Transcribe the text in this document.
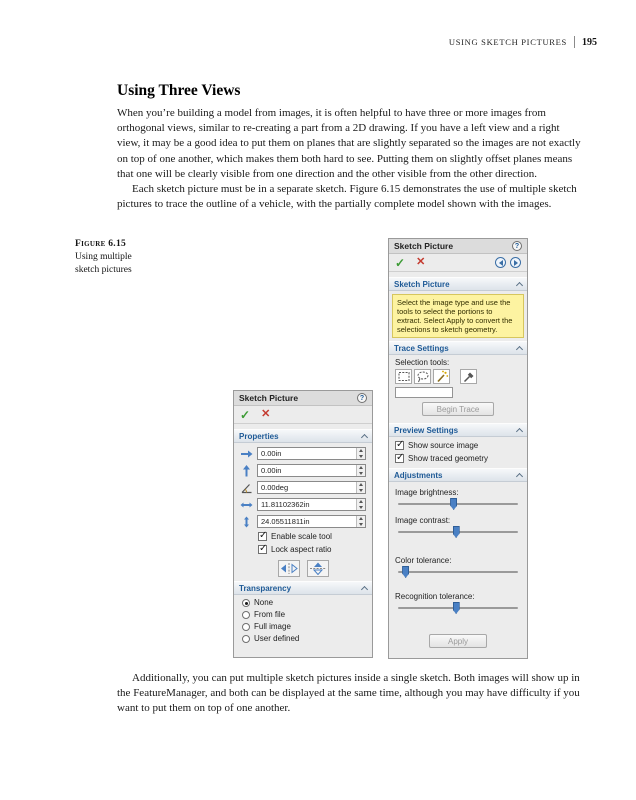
USING SKETCH PICTURES 195
Using Three Views

When you’re building a model from images, it is often helpful to have three or more images from orthogonal views, similar to re-creating a part from a 2D drawing. If you have a left view and a right view, it may be a good idea to put them on planes that are slightly separated so the images are not exactly on top of one another, which makes them both hard to see. Putting them on slightly offset planes means that one will be clearly visible from one direction and the other visible from the other direction.

Each sketch picture must be in a separate sketch. Figure 6.15 demonstrates the use of multiple sketch pictures to trace the outline of a vehicle, with the partially complete model shown with the images.

Figure 6.15
Using multiple sketch pictures
Sketch Picture	?
✓ ✕
Sketch Picture
Select the image type and use the tools to select the portions to extract. Select Apply to convert the selections to sketch geometry.
Trace Settings
Selection tools:
Begin Trace
Preview Settings
✓
Show source image
✓
Show traced geometry
Adjustments
Image brightness:
Image contrast:
Color tolerance:
Recognition tolerance:
Apply
Sketch Picture	?
✓ ✕
Properties
0.00in
0.00in
0.00deg
11.81102362in
24.05511811in
✓
Enable scale tool
✓
Lock aspect ratio
Transparency
None
From file
Full image
User defined

Additionally, you can put multiple sketch pictures inside a single sketch. Both images will show up in the FeatureManager, and both can be displayed at the same time, although you may have difficulty if you want to put them on top of one another.
